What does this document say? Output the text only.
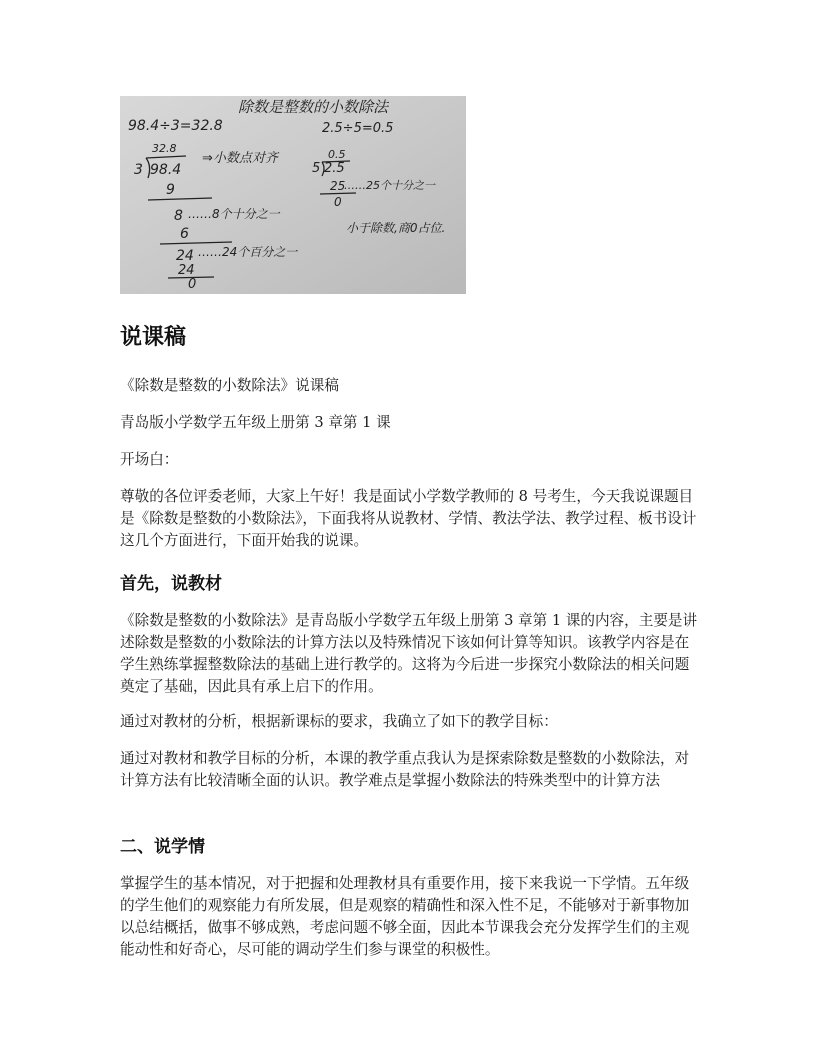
除数是整数的小数除法
98.4÷3=32.8
32.8
3 98.4
⇒小数点对齐
9
8 ……8个十分之一
6
24 ……24个百分之一
24
0
2.5÷5=0.5
0.5
5 2.5
25
……25个十分之一
0
小于除数,商0占位.
说课稿

《除数是整数的小数除法》说课稿

青岛版小学数学五年级上册第 3 章第 1 课

开场白：

尊敬的各位评委老师，大家上午好！我是面试小学数学教师的 8 号考生，今天我说课题目是《除数是整数的小数除法》，下面我将从说教材、学情、教法学法、教学过程、板书设计这几个方面进行，下面开始我的说课。

首先，说教材

《除数是整数的小数除法》是青岛版小学数学五年级上册第 3 章第 1 课的内容，主要是讲述除数是整数的小数除法的计算方法以及特殊情况下该如何计算等知识。该教学内容是在学生熟练掌握整数除法的基础上进行教学的。这将为今后进一步探究小数除法的相关问题奠定了基础，因此具有承上启下的作用。

通过对教材的分析，根据新课标的要求，我确立了如下的教学目标：

通过对教材和教学目标的分析，本课的教学重点我认为是探索除数是整数的小数除法，对计算方法有比较清晰全面的认识。教学难点是掌握小数除法的特殊类型中的计算方法

二、说学情

掌握学生的基本情况，对于把握和处理教材具有重要作用，接下来我说一下学情。五年级的学生他们的观察能力有所发展，但是观察的精确性和深入性不足，不能够对于新事物加以总结概括，做事不够成熟，考虑问题不够全面，因此本节课我会充分发挥学生们的主观能动性和好奇心，尽可能的调动学生们参与课堂的积极性。
